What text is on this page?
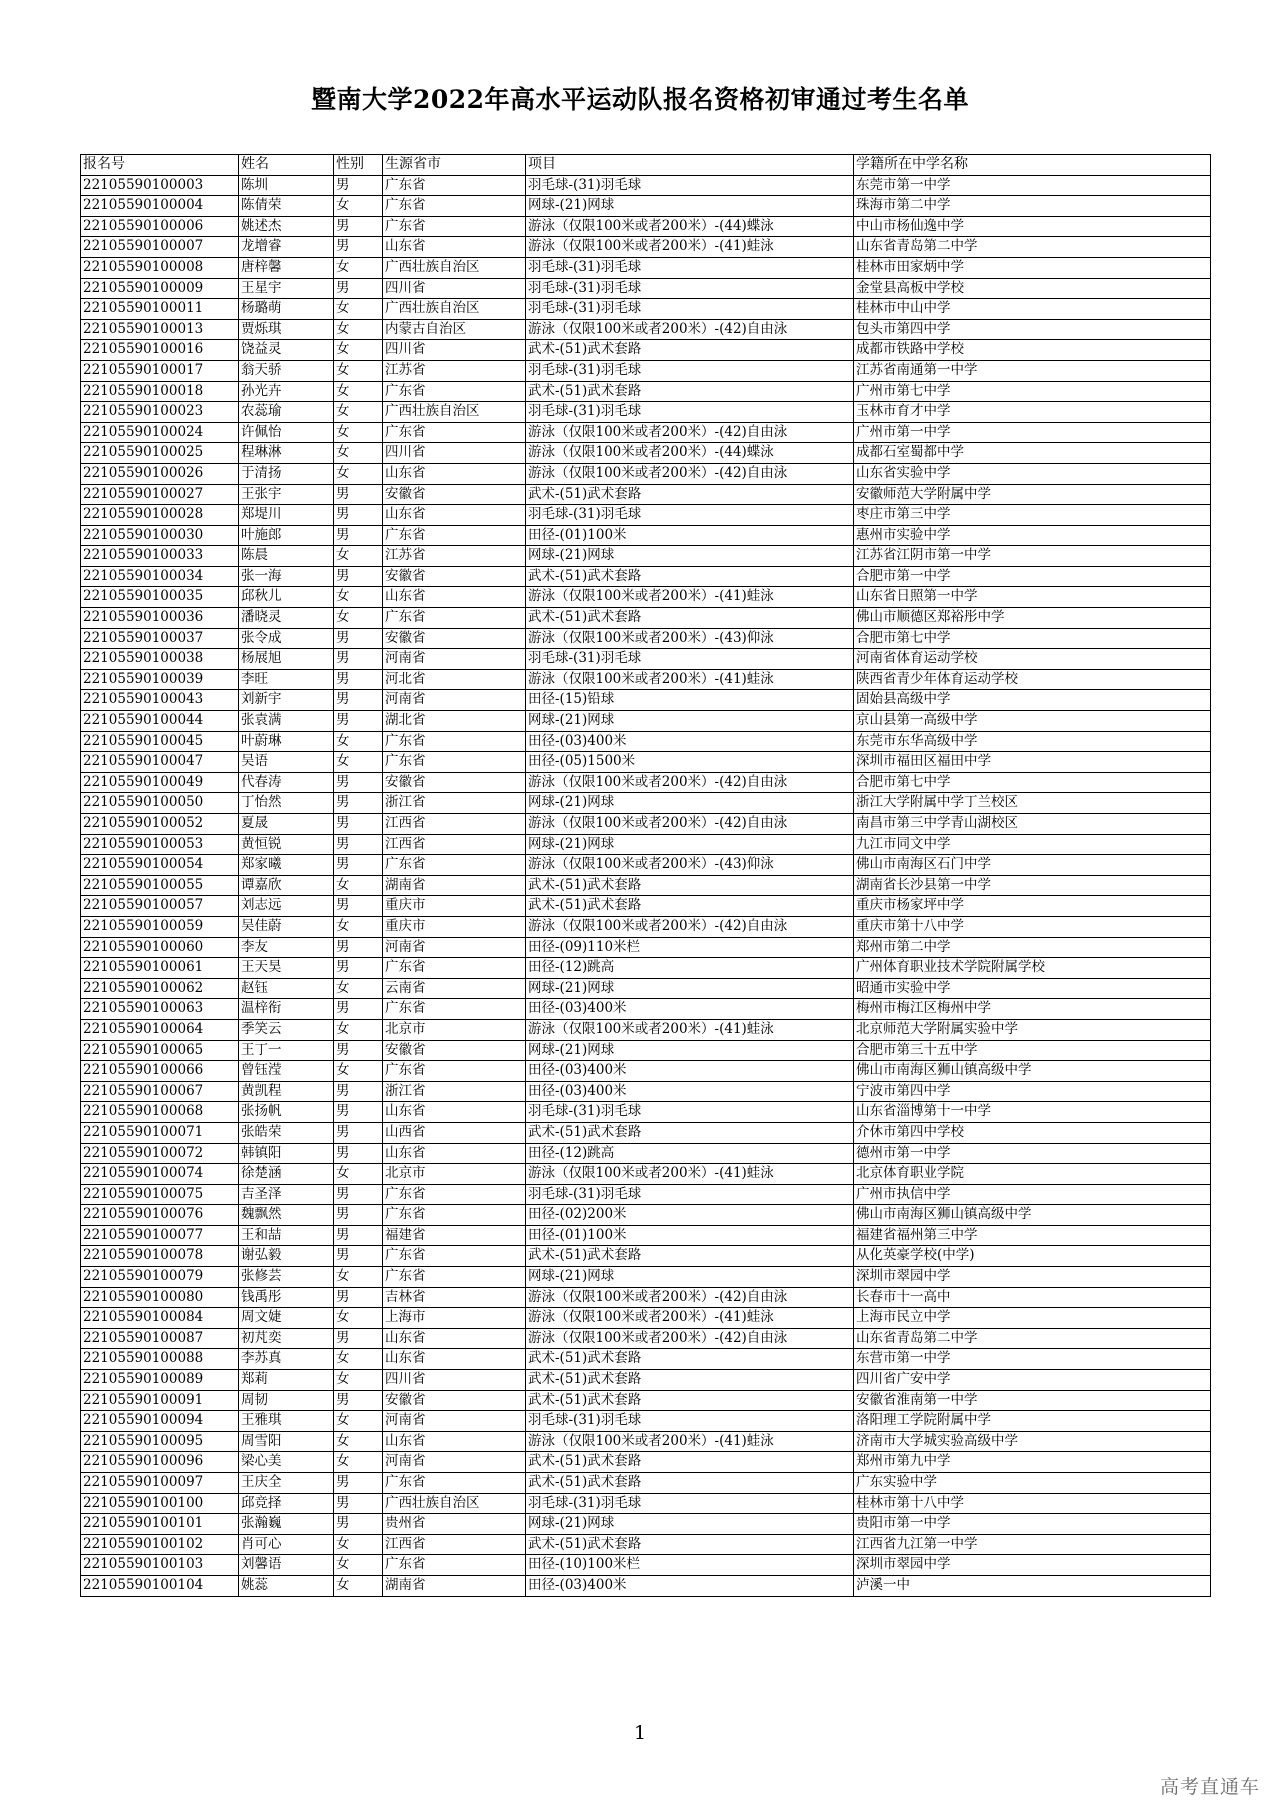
暨南大学2022年高水平运动队报名资格初审通过考生名单
报名号	姓名	性别	生源省市	项目	学籍所在中学名称
22105590100003	陈圳	男	广东省	羽毛球-(31)羽毛球	东莞市第一中学
22105590100004	陈倩荣	女	广东省	网球-(21)网球	珠海市第二中学
22105590100006	姚述杰	男	广东省	游泳（仅限100米或者200米）-(44)蝶泳	中山市杨仙逸中学
22105590100007	龙增睿	男	山东省	游泳（仅限100米或者200米）-(41)蛙泳	山东省青岛第二中学
22105590100008	唐梓馨	女	广西壮族自治区	羽毛球-(31)羽毛球	桂林市田家炳中学
22105590100009	王星宇	男	四川省	羽毛球-(31)羽毛球	金堂县高板中学校
22105590100011	杨璐萌	女	广西壮族自治区	羽毛球-(31)羽毛球	桂林市中山中学
22105590100013	贾烁琪	女	内蒙古自治区	游泳（仅限100米或者200米）-(42)自由泳	包头市第四中学
22105590100016	饶益灵	女	四川省	武术-(51)武术套路	成都市铁路中学校
22105590100017	翁天骄	女	江苏省	羽毛球-(31)羽毛球	江苏省南通第一中学
22105590100018	孙光卉	女	广东省	武术-(51)武术套路	广州市第七中学
22105590100023	农蕊瑜	女	广西壮族自治区	羽毛球-(31)羽毛球	玉林市育才中学
22105590100024	许佩怡	女	广东省	游泳（仅限100米或者200米）-(42)自由泳	广州市第一中学
22105590100025	程琳淋	女	四川省	游泳（仅限100米或者200米）-(44)蝶泳	成都石室蜀都中学
22105590100026	于清扬	女	山东省	游泳（仅限100米或者200米）-(42)自由泳	山东省实验中学
22105590100027	王张宇	男	安徽省	武术-(51)武术套路	安徽师范大学附属中学
22105590100028	郑堤川	男	山东省	羽毛球-(31)羽毛球	枣庄市第三中学
22105590100030	叶施郎	男	广东省	田径-(01)100米	惠州市实验中学
22105590100033	陈晨	女	江苏省	网球-(21)网球	江苏省江阴市第一中学
22105590100034	张一海	男	安徽省	武术-(51)武术套路	合肥市第一中学
22105590100035	邱秋儿	女	山东省	游泳（仅限100米或者200米）-(41)蛙泳	山东省日照第一中学
22105590100036	潘晓灵	女	广东省	武术-(51)武术套路	佛山市顺德区郑裕彤中学
22105590100037	张令成	男	安徽省	游泳（仅限100米或者200米）-(43)仰泳	合肥市第七中学
22105590100038	杨展旭	男	河南省	羽毛球-(31)羽毛球	河南省体育运动学校
22105590100039	李旺	男	河北省	游泳（仅限100米或者200米）-(41)蛙泳	陕西省青少年体育运动学校
22105590100043	刘新宇	男	河南省	田径-(15)铅球	固始县高级中学
22105590100044	张袁满	男	湖北省	网球-(21)网球	京山县第一高级中学
22105590100045	叶蔚琳	女	广东省	田径-(03)400米	东莞市东华高级中学
22105590100047	吴语	女	广东省	田径-(05)1500米	深圳市福田区福田中学
22105590100049	代春涛	男	安徽省	游泳（仅限100米或者200米）-(42)自由泳	合肥市第七中学
22105590100050	丁怡然	男	浙江省	网球-(21)网球	浙江大学附属中学丁兰校区
22105590100052	夏晟	男	江西省	游泳（仅限100米或者200米）-(42)自由泳	南昌市第三中学青山湖校区
22105590100053	黄恒锐	男	江西省	网球-(21)网球	九江市同文中学
22105590100054	郑家曦	男	广东省	游泳（仅限100米或者200米）-(43)仰泳	佛山市南海区石门中学
22105590100055	谭嘉欣	女	湖南省	武术-(51)武术套路	湖南省长沙县第一中学
22105590100057	刘志远	男	重庆市	武术-(51)武术套路	重庆市杨家坪中学
22105590100059	吴佳蔚	女	重庆市	游泳（仅限100米或者200米）-(42)自由泳	重庆市第十八中学
22105590100060	李友	男	河南省	田径-(09)110米栏	郑州市第二中学
22105590100061	王天昊	男	广东省	田径-(12)跳高	广州体育职业技术学院附属学校
22105590100062	赵钰	女	云南省	网球-(21)网球	昭通市实验中学
22105590100063	温梓衔	男	广东省	田径-(03)400米	梅州市梅江区梅州中学
22105590100064	季笑云	女	北京市	游泳（仅限100米或者200米）-(41)蛙泳	北京师范大学附属实验中学
22105590100065	王丁一	男	安徽省	网球-(21)网球	合肥市第三十五中学
22105590100066	曾钰滢	女	广东省	田径-(03)400米	佛山市南海区狮山镇高级中学
22105590100067	黄凯程	男	浙江省	田径-(03)400米	宁波市第四中学
22105590100068	张扬帆	男	山东省	羽毛球-(31)羽毛球	山东省淄博第十一中学
22105590100071	张皓荣	男	山西省	武术-(51)武术套路	介休市第四中学校
22105590100072	韩镇阳	男	山东省	田径-(12)跳高	德州市第一中学
22105590100074	徐楚涵	女	北京市	游泳（仅限100米或者200米）-(41)蛙泳	北京体育职业学院
22105590100075	吉圣泽	男	广东省	羽毛球-(31)羽毛球	广州市执信中学
22105590100076	魏飘然	男	广东省	田径-(02)200米	佛山市南海区狮山镇高级中学
22105590100077	王和喆	男	福建省	田径-(01)100米	福建省福州第三中学
22105590100078	谢弘毅	男	广东省	武术-(51)武术套路	从化英豪学校(中学)
22105590100079	张修芸	女	广东省	网球-(21)网球	深圳市翠园中学
22105590100080	钱禹彤	男	吉林省	游泳（仅限100米或者200米）-(42)自由泳	长春市十一高中
22105590100084	周文婕	女	上海市	游泳（仅限100米或者200米）-(41)蛙泳	上海市民立中学
22105590100087	初芃奕	男	山东省	游泳（仅限100米或者200米）-(42)自由泳	山东省青岛第二中学
22105590100088	李苏真	女	山东省	武术-(51)武术套路	东营市第一中学
22105590100089	郑莉	女	四川省	武术-(51)武术套路	四川省广安中学
22105590100091	周韧	男	安徽省	武术-(51)武术套路	安徽省淮南第一中学
22105590100094	王雅琪	女	河南省	羽毛球-(31)羽毛球	洛阳理工学院附属中学
22105590100095	周雪阳	女	山东省	游泳（仅限100米或者200米）-(41)蛙泳	济南市大学城实验高级中学
22105590100096	梁心美	女	河南省	武术-(51)武术套路	郑州市第九中学
22105590100097	王庆全	男	广东省	武术-(51)武术套路	广东实验中学
22105590100100	邱竞择	男	广西壮族自治区	羽毛球-(31)羽毛球	桂林市第十八中学
22105590100101	张瀚巍	男	贵州省	网球-(21)网球	贵阳市第一中学
22105590100102	肖可心	女	江西省	武术-(51)武术套路	江西省九江第一中学
22105590100103	刘馨语	女	广东省	田径-(10)100米栏	深圳市翠园中学
22105590100104	姚蕊	女	湖南省	田径-(03)400米	泸溪一中
1
高考直通车
